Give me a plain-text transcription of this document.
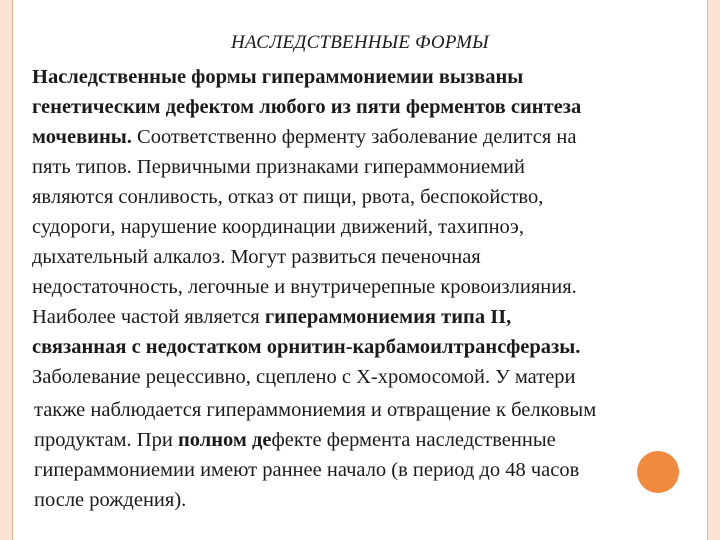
НАСЛЕДСТВЕННЫЕ ФОРМЫ
Наследственные формы гипераммониемии вызваны
генетическим дефектом любого из пяти ферментов синтеза
мочевины. Соответственно ферменту заболевание делится на
пять типов. Первичными признаками гипераммониемий
являются сонливость, отказ от пищи, рвота, беспокойство,
судороги, нарушение координации движений, тахипноэ,
дыхательный алкалоз. Могут развиться печеночная
недостаточность, легочные и внутричерепные кровоизлияния.
Наиболее частой является гипераммониемия типа II,
связанная с недостатком орнитин-карбамоилтрансферазы.
Заболевание рецессивно, сцеплено с X-хромосомой. У матери
также наблюдается гипераммониемия и отвращение к белковым
продуктам. При полном дефекте фермента наследственные
гипераммониемии имеют раннее начало (в период до 48 часов
после рождения).
